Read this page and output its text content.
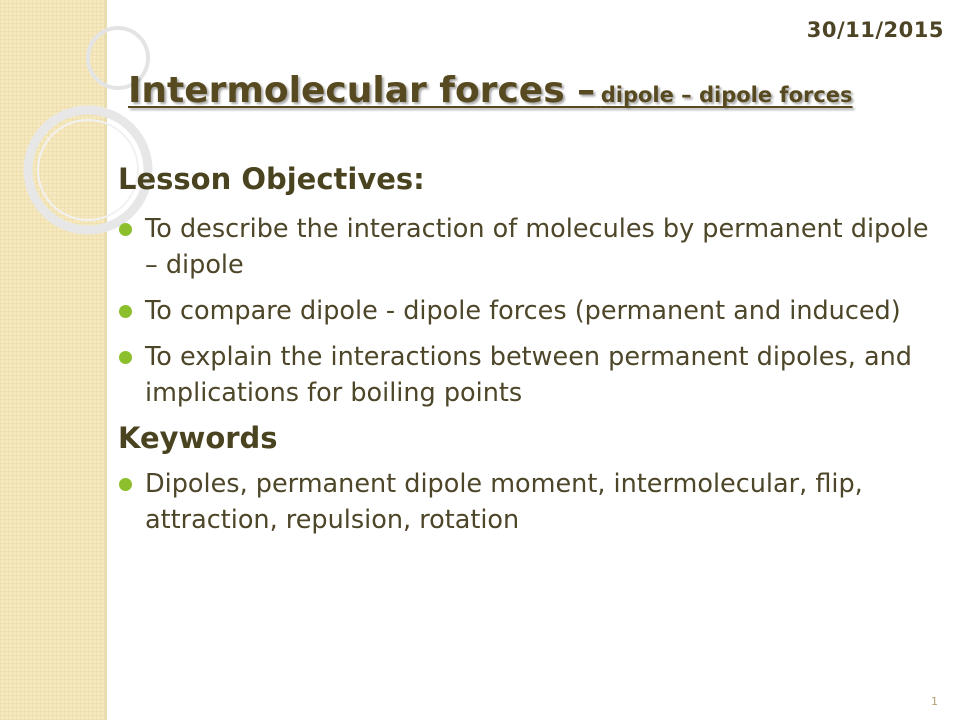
30/11/2015
Intermolecular forces – dipole – dipole forces
Lesson Objectives:
To describe the interaction of molecules by permanent dipole – dipole
To compare dipole - dipole forces (permanent and induced)
To explain the interactions between permanent dipoles, and implications for boiling points
Keywords
Dipoles, permanent dipole moment, intermolecular, flip, attraction, repulsion, rotation
1
